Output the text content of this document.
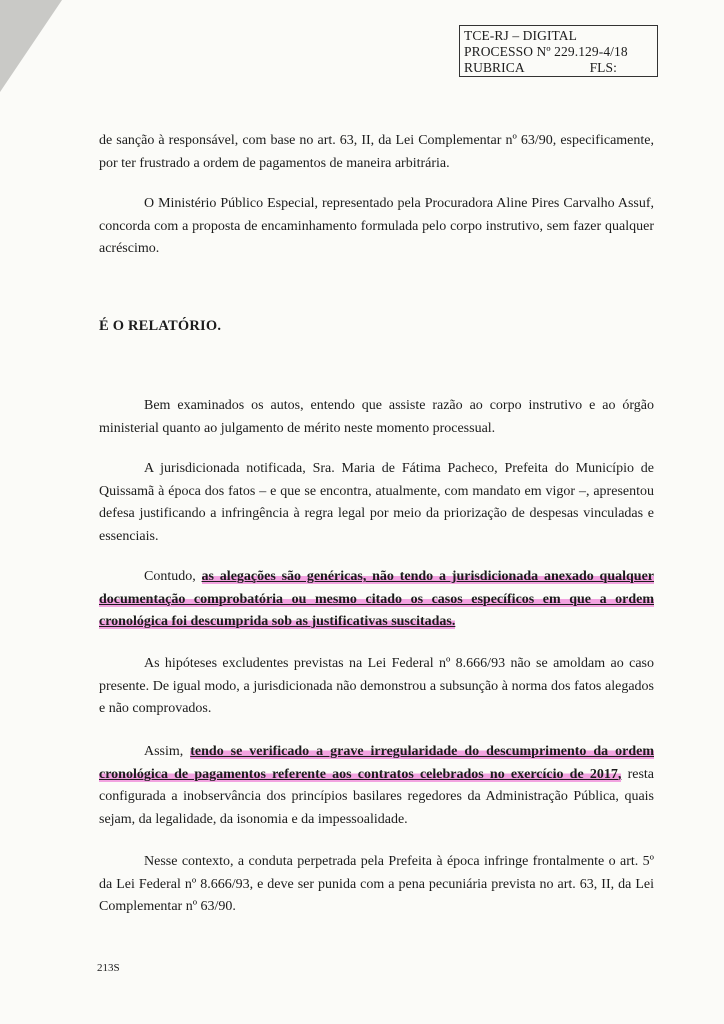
TCE-RJ – DIGITAL
PROCESSO Nº 229.129-4/18
RUBRICA	FLS:

de sanção à responsável, com base no art. 63, II, da Lei Complementar nº 63/90, especificamente, por ter frustrado a ordem de pagamentos de maneira arbitrária.

O Ministério Público Especial, representado pela Procuradora Aline Pires Carvalho Assuf, concorda com a proposta de encaminhamento formulada pelo corpo instrutivo, sem fazer qualquer acréscimo.

É O RELATÓRIO.

Bem examinados os autos, entendo que assiste razão ao corpo instrutivo e ao órgão ministerial quanto ao julgamento de mérito neste momento processual.

A jurisdicionada notificada, Sra. Maria de Fátima Pacheco, Prefeita do Município de Quissamã à época dos fatos – e que se encontra, atualmente, com mandato em vigor –, apresentou defesa justificando a infringência à regra legal por meio da priorização de despesas vinculadas e essenciais.

Contudo, as alegações são genéricas, não tendo a jurisdicionada anexado qualquer documentação comprobatória ou mesmo citado os casos específicos em que a ordem cronológica foi descumprida sob as justificativas suscitadas.

As hipóteses excludentes previstas na Lei Federal nº 8.666/93 não se amoldam ao caso presente. De igual modo, a jurisdicionada não demonstrou a subsunção à norma dos fatos alegados e não comprovados.

Assim, tendo se verificado a grave irregularidade do descumprimento da ordem cronológica de pagamentos referente aos contratos celebrados no exercício de 2017, resta configurada a inobservância dos princípios basilares regedores da Administração Pública, quais sejam, da legalidade, da isonomia e da impessoalidade.

Nesse contexto, a conduta perpetrada pela Prefeita à época infringe frontalmente o art. 5º da Lei Federal nº 8.666/93, e deve ser punida com a pena pecuniária prevista no art. 63, II, da Lei Complementar nº 63/90.

213S
